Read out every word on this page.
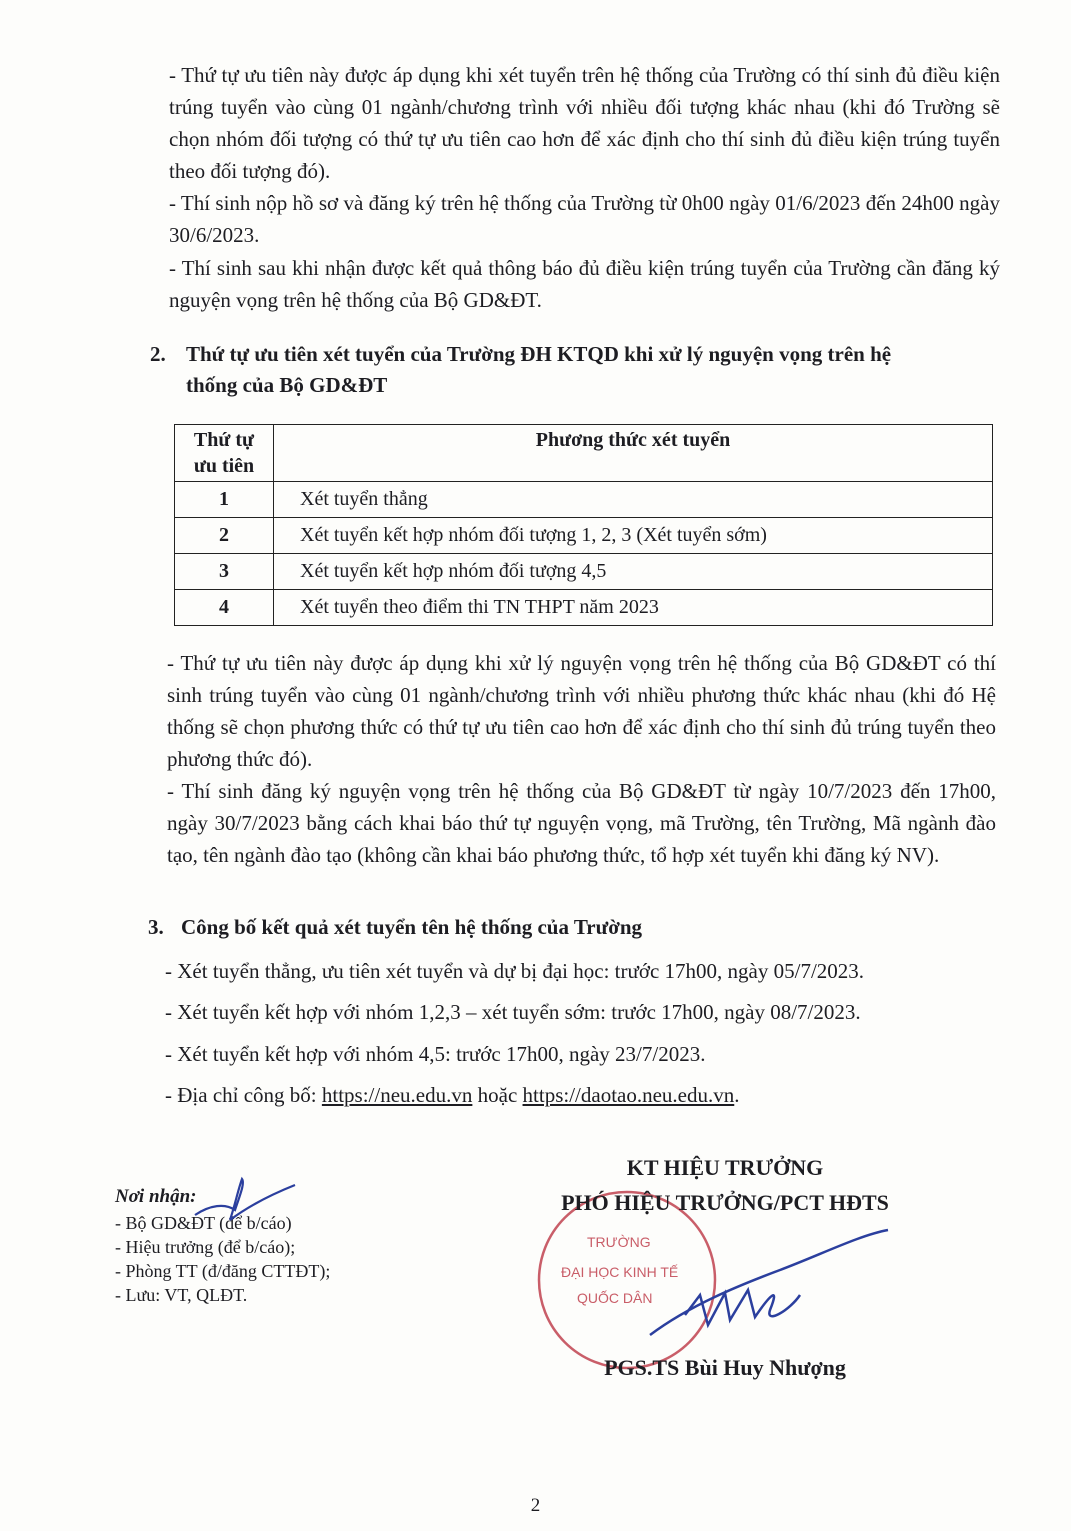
- Thứ tự ưu tiên này được áp dụng khi xét tuyển trên hệ thống của Trường có thí sinh đủ điều kiện trúng tuyển vào cùng 01 ngành/chương trình với nhiều đối tượng khác nhau (khi đó Trường sẽ chọn nhóm đối tượng có thứ tự ưu tiên cao hơn để xác định cho thí sinh đủ điều kiện trúng tuyển theo đối tượng đó).

- Thí sinh nộp hồ sơ và đăng ký trên hệ thống của Trường từ 0h00 ngày 01/6/2023 đến 24h00 ngày 30/6/2023.

- Thí sinh sau khi nhận được kết quả thông báo đủ điều kiện trúng tuyển của Trường cần đăng ký nguyện vọng trên hệ thống của Bộ GD&ĐT.

2. Thứ tự ưu tiên xét tuyển của Trường ĐH KTQD khi xử lý nguyện vọng trên hệ
thống của Bộ GD&ĐT
Thứ tự
ưu tiên	Phương thức xét tuyển
1	Xét tuyển thẳng
2	Xét tuyển kết hợp nhóm đối tượng 1, 2, 3 (Xét tuyển sớm)
3	Xét tuyển kết hợp nhóm đối tượng 4,5
4	Xét tuyển theo điểm thi TN THPT năm 2023

- Thứ tự ưu tiên này được áp dụng khi xử lý nguyện vọng trên hệ thống của Bộ GD&ĐT có thí sinh trúng tuyển vào cùng 01 ngành/chương trình với nhiều phương thức khác nhau (khi đó Hệ thống sẽ chọn phương thức có thứ tự ưu tiên cao hơn để xác định cho thí sinh đủ trúng tuyển theo phương thức đó).

- Thí sinh đăng ký nguyện vọng trên hệ thống của Bộ GD&ĐT từ ngày 10/7/2023 đến 17h00, ngày 30/7/2023 bằng cách khai báo thứ tự nguyện vọng, mã Trường, tên Trường, Mã ngành đào tạo, tên ngành đào tạo (không cần khai báo phương thức, tổ hợp xét tuyển khi đăng ký NV).

3. Công bố kết quả xét tuyển tên hệ thống của Trường

- Xét tuyển thẳng, ưu tiên xét tuyển và dự bị đại học: trước 17h00, ngày 05/7/2023.

- Xét tuyển kết hợp với nhóm 1,2,3 – xét tuyển sớm: trước 17h00, ngày 08/7/2023.

- Xét tuyển kết hợp với nhóm 4,5: trước 17h00, ngày 23/7/2023.

- Địa chỉ công bố: https://neu.edu.vn hoặc https://daotao.neu.edu.vn.

Nơi nhận:
- Bộ GD&ĐT (để b/cáo)
- Hiệu trưởng (để b/cáo);
- Phòng TT (đ/đăng CTTĐT);
- Lưu: VT, QLĐT.
TRƯỜNG
ĐẠI HỌC KINH TẾ
QUỐC DÂN
KT HIỆU TRƯỞNG
PHÓ HIỆU TRƯỞNG/PCT HĐTS
PGS.TS Bùi Huy Nhượng
2
